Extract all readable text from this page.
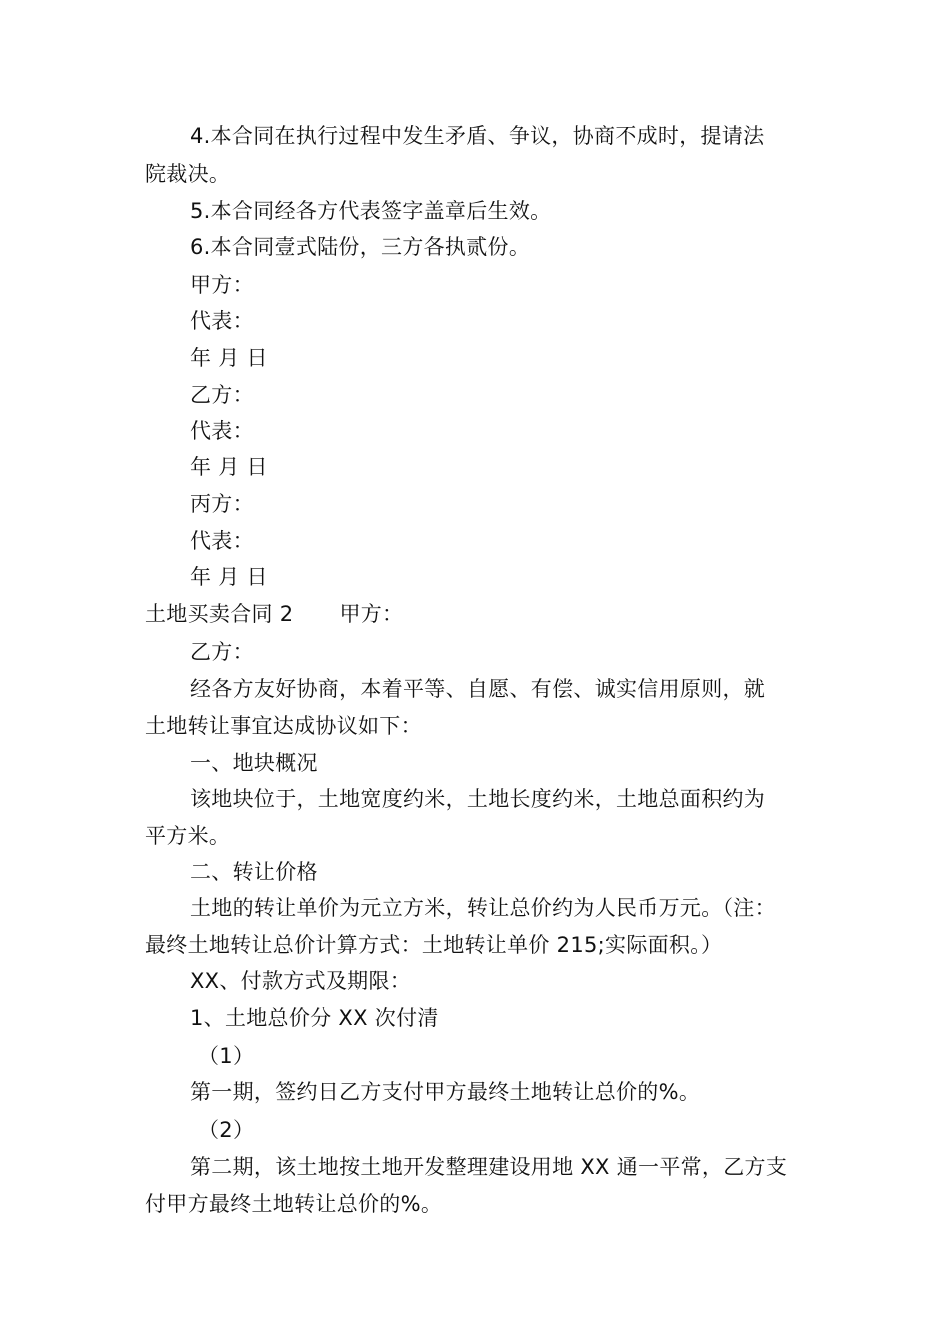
4.本合同在执行过程中发生矛盾、争议，协商不成时，提请法
院裁决。
5.本合同经各方代表签字盖章后生效。
6.本合同壹式陆份，三方各执贰份。
甲方：
代表：
年 月 日
乙方：
代表：
年 月 日
丙方：
代表：
年 月 日
土地买卖合同 2 甲方：
乙方：
经各方友好协商，本着平等、自愿、有偿、诚实信用原则，就
土地转让事宜达成协议如下：
一、地块概况
该地块位于，土地宽度约米，土地长度约米，土地总面积约为
平方米。
二、转让价格
土地的转让单价为元立方米，转让总价约为人民币万元。（注：
最终土地转让总价计算方式：土地转让单价 215;实际面积。）
XX、付款方式及期限：
1、土地总价分 XX 次付清
（1）
第一期，签约日乙方支付甲方最终土地转让总价的%。
（2）
第二期，该土地按土地开发整理建设用地 XX 通一平常，乙方支
付甲方最终土地转让总价的%。
